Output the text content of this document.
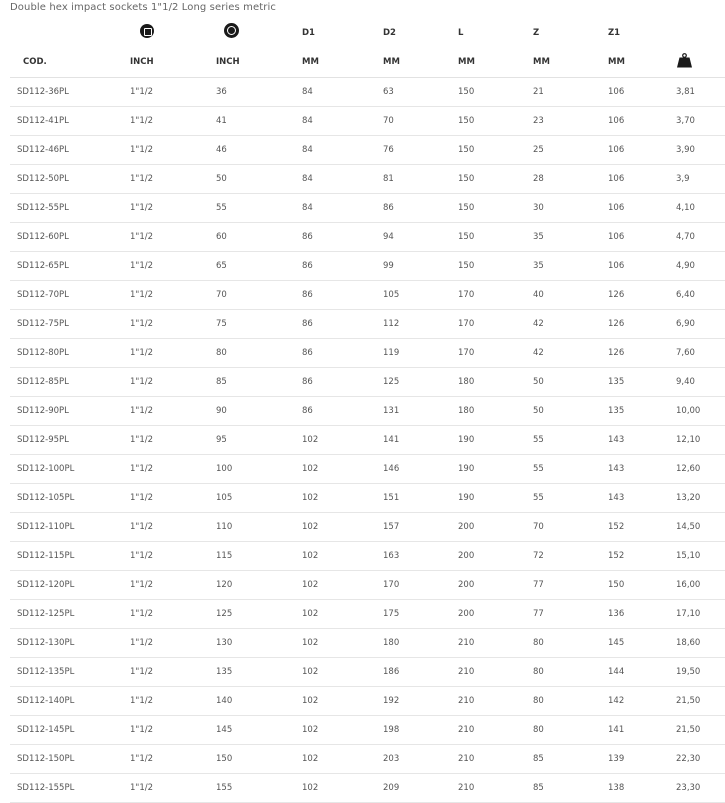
Double hex impact sockets 1"1/2 Long series metric
			D1	D2	L	Z	Z1	
COD.	INCH	INCH	MM	MM	MM	MM	MM	

SD112-36PL	1"1/2	36	84	63	150	21	106	3,81
SD112-41PL	1"1/2	41	84	70	150	23	106	3,70
SD112-46PL	1"1/2	46	84	76	150	25	106	3,90
SD112-50PL	1"1/2	50	84	81	150	28	106	3,9
SD112-55PL	1"1/2	55	84	86	150	30	106	4,10
SD112-60PL	1"1/2	60	86	94	150	35	106	4,70
SD112-65PL	1"1/2	65	86	99	150	35	106	4,90
SD112-70PL	1"1/2	70	86	105	170	40	126	6,40
SD112-75PL	1"1/2	75	86	112	170	42	126	6,90
SD112-80PL	1"1/2	80	86	119	170	42	126	7,60
SD112-85PL	1"1/2	85	86	125	180	50	135	9,40
SD112-90PL	1"1/2	90	86	131	180	50	135	10,00
SD112-95PL	1"1/2	95	102	141	190	55	143	12,10
SD112-100PL	1"1/2	100	102	146	190	55	143	12,60
SD112-105PL	1"1/2	105	102	151	190	55	143	13,20
SD112-110PL	1"1/2	110	102	157	200	70	152	14,50
SD112-115PL	1"1/2	115	102	163	200	72	152	15,10
SD112-120PL	1"1/2	120	102	170	200	77	150	16,00
SD112-125PL	1"1/2	125	102	175	200	77	136	17,10
SD112-130PL	1"1/2	130	102	180	210	80	145	18,60
SD112-135PL	1"1/2	135	102	186	210	80	144	19,50
SD112-140PL	1"1/2	140	102	192	210	80	142	21,50
SD112-145PL	1"1/2	145	102	198	210	80	141	21,50
SD112-150PL	1"1/2	150	102	203	210	85	139	22,30
SD112-155PL	1"1/2	155	102	209	210	85	138	23,30
